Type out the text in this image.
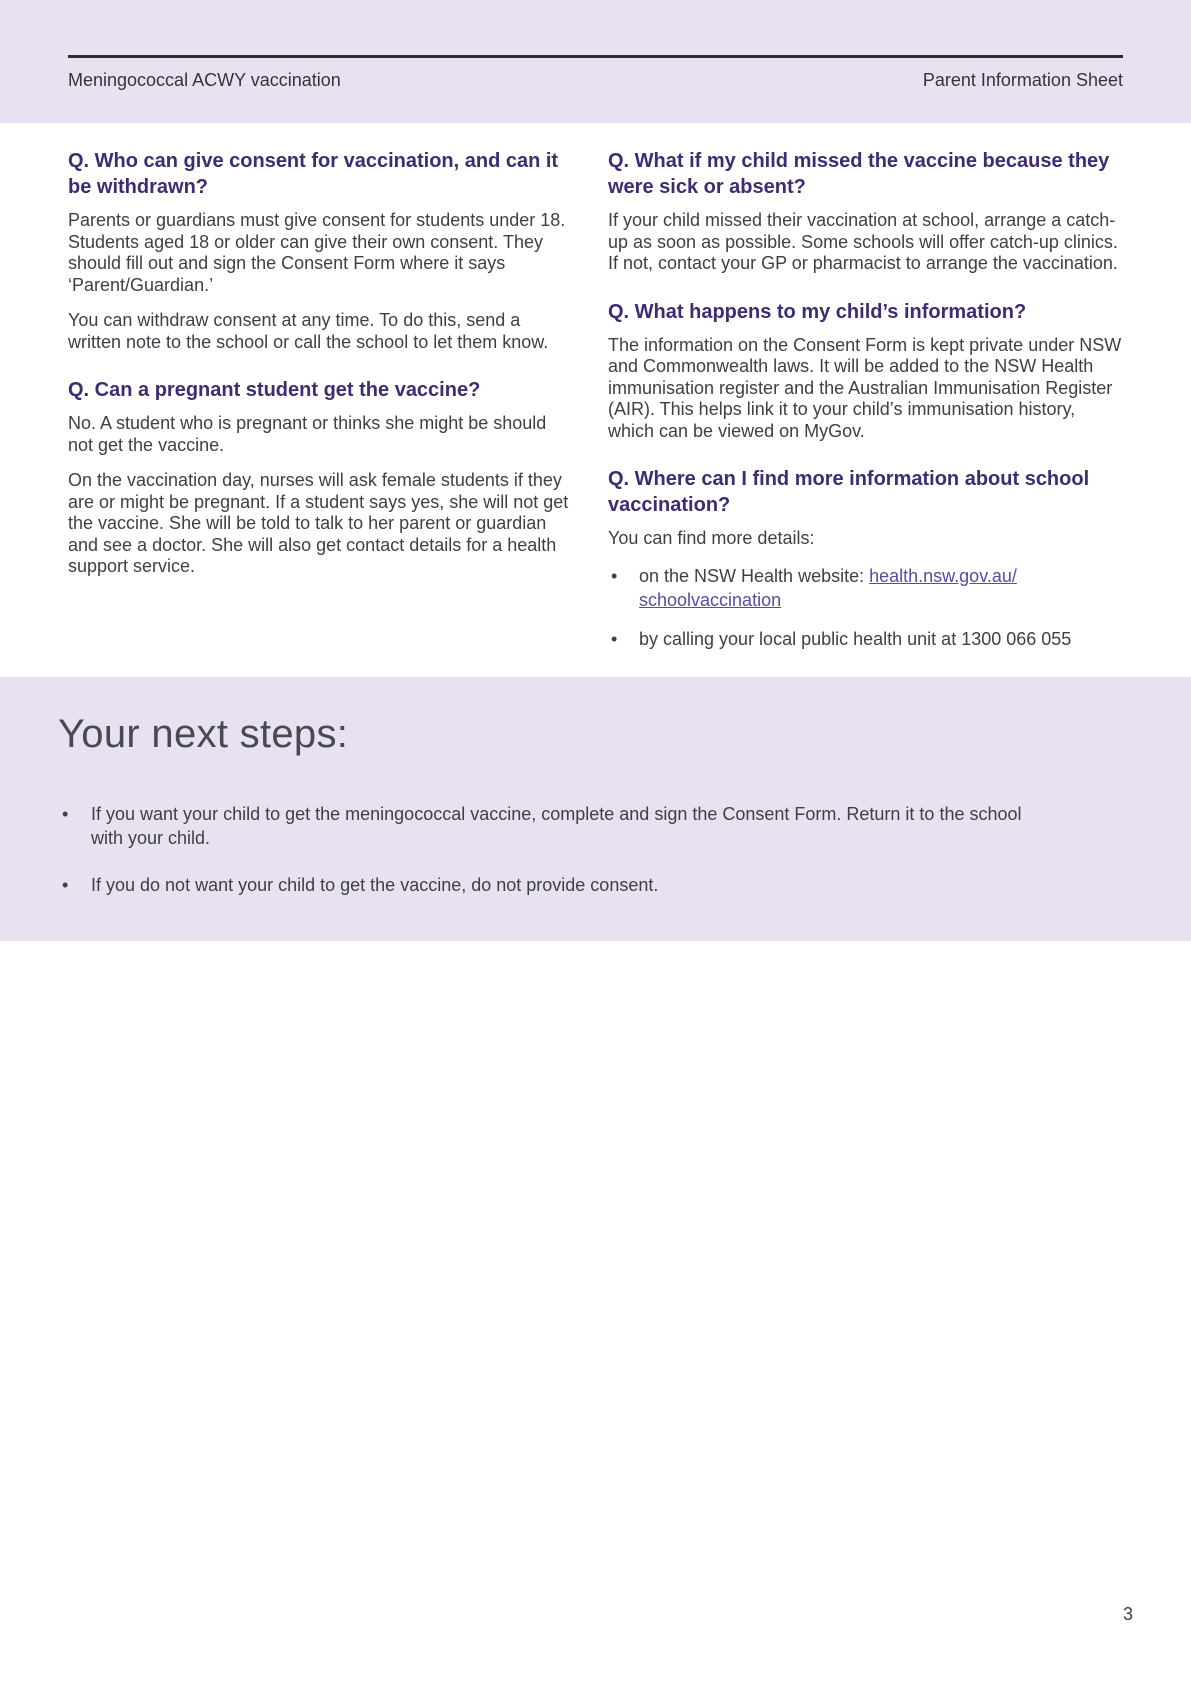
Meningococcal ACWY vaccination	Parent Information Sheet
Q. Who can give consent for vaccination, and can it be withdrawn?

Parents or guardians must give consent for students under 18. Students aged 18 or older can give their own consent. They should fill out and sign the Consent Form where it says ‘Parent/Guardian.’

You can withdraw consent at any time. To do this, send a written note to the school or call the school to let them know.

Q. Can a pregnant student get the vaccine?

No. A student who is pregnant or thinks she might be should not get the vaccine.

On the vaccination day, nurses will ask female students if they are or might be pregnant. If a student says yes, she will not get the vaccine. She will be told to talk to her parent or guardian and see a doctor. She will also get contact details for a health support service.

Q. What if my child missed the vaccine because they were sick or absent?

If your child missed their vaccination at school, arrange a catch-up as soon as possible. Some schools will offer catch-up clinics. If not, contact your GP or pharmacist to arrange the vaccination.

Q. What happens to my child’s information?

The information on the Consent Form is kept private under NSW and Commonwealth laws. It will be added to the NSW Health immunisation register and the Australian Immunisation Register (AIR). This helps link it to your child’s immunisation history, which can be viewed on MyGov.

Q. Where can I find more information about school vaccination?

You can find more details:

•	on the NSW Health website: health.nsw.gov.au/schoolvaccination
•	by calling your local public health unit at 1300 066 055
Your next steps:
•	If you want your child to get the meningococcal vaccine, complete and sign the Consent Form. Return it to the school with your child.
•	If you do not want your child to get the vaccine, do not provide consent.
3
